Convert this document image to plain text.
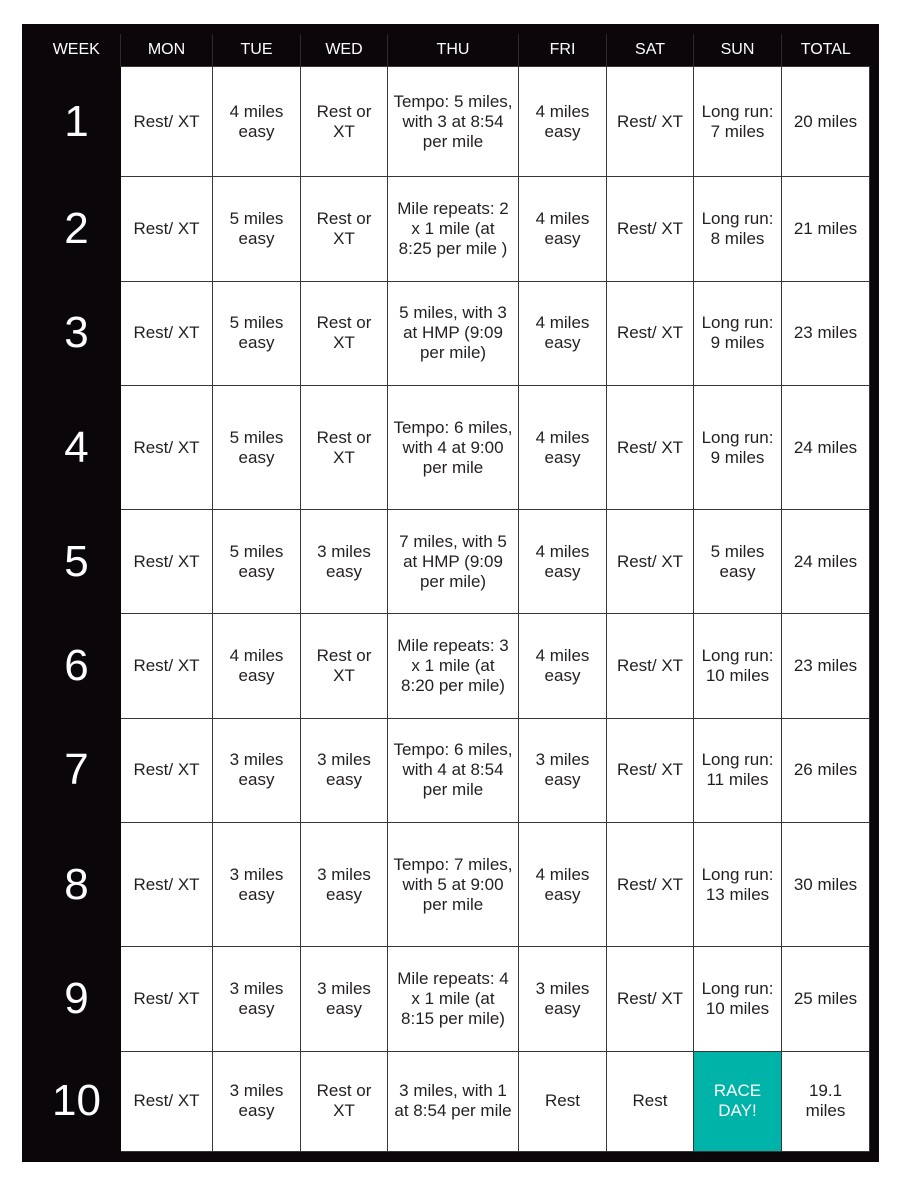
WEEK	MON	TUE	WED	THU	FRI	SAT	SUN	TOTAL
1	Rest/ XT	4 miles easy	Rest or XT	Tempo: 5 miles, with 3 at 8:54 per mile	4 miles easy	Rest/ XT	Long run: 7 miles	20 miles
2	Rest/ XT	5 miles easy	Rest or XT	Mile repeats: 2 x 1 mile (at 8:25 per mile )	4 miles easy	Rest/ XT	Long run: 8 miles	21 miles
3	Rest/ XT	5 miles easy	Rest or XT	5 miles, with 3 at HMP (9:09 per mile)	4 miles easy	Rest/ XT	Long run: 9 miles	23 miles
4	Rest/ XT	5 miles easy	Rest or XT	Tempo: 6 miles, with 4 at 9:00 per mile	4 miles easy	Rest/ XT	Long run: 9 miles	24 miles
5	Rest/ XT	5 miles easy	3 miles easy	7 miles, with 5 at HMP (9:09 per mile)	4 miles easy	Rest/ XT	5 miles easy	24 miles
6	Rest/ XT	4 miles easy	Rest or XT	Mile repeats: 3 x 1 mile (at 8:20 per mile)	4 miles easy	Rest/ XT	Long run: 10 miles	23 miles
7	Rest/ XT	3 miles easy	3 miles easy	Tempo: 6 miles, with 4 at 8:54 per mile	3 miles easy	Rest/ XT	Long run: 11 miles	26 miles
8	Rest/ XT	3 miles easy	3 miles easy	Tempo: 7 miles, with 5 at 9:00 per mile	4 miles easy	Rest/ XT	Long run: 13 miles	30 miles
9	Rest/ XT	3 miles easy	3 miles easy	Mile repeats: 4 x 1 mile (at 8:15 per mile)	3 miles easy	Rest/ XT	Long run: 10 miles	25 miles
10	Rest/ XT	3 miles easy	Rest or XT	3 miles, with 1 at 8:54 per mile	Rest	Rest	RACE DAY!	19.1 miles
